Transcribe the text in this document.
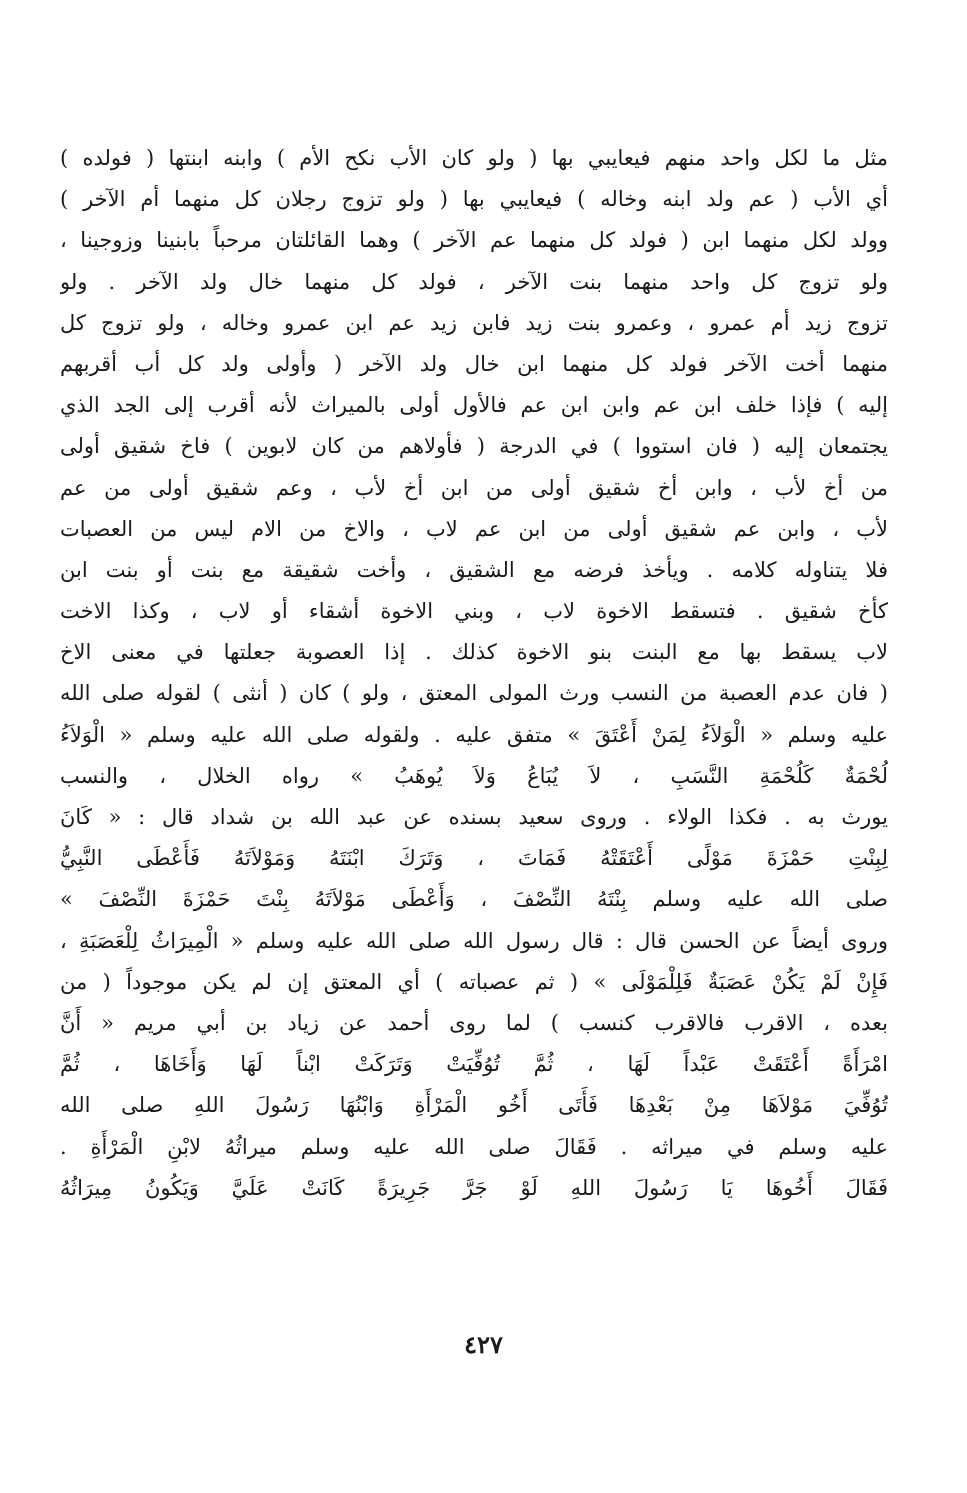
مثل ما لكل واحد منهم فيعايبي بها ( ولو كان الأب نكح الأم ) وابنه ابنتها ( فولده )
أي الأب ( عم ولد ابنه وخاله ) فيعايبي بها ( ولو تزوج رجلان كل منهما أم الآخر )
وولد لكل منهما ابن ( فولد كل منهما عم الآخر ) وهما القائلتان مرحباً بابنينا وزوجينا ،
ولو تزوج كل واحد منهما بنت الآخر ، فولد كل منهما خال ولد الآخر . ولو
تزوج زيد أم عمرو ، وعمرو بنت زيد فابن زيد عم ابن عمرو وخاله ، ولو تزوج كل
منهما أخت الآخر فولد كل منهما ابن خال ولد الآخر ( وأولى ولد كل أب أقربهم
إليه ) فإذا خلف ابن عم وابن ابن عم فالأول أولى بالميراث لأنه أقرب إلى الجد الذي
يجتمعان إليه ( فان استووا ) في الدرجة ( فأولاهم من كان لابوين ) فاخ شقيق أولى
من أخ لأب ، وابن أخ شقيق أولى من ابن أخ لأب ، وعم شقيق أولى من عم
لأب ، وابن عم شقيق أولى من ابن عم لاب ، والاخ من الام ليس من العصبات
فلا يتناوله كلامه . ويأخذ فرضه مع الشقيق ، وأخت شقيقة مع بنت أو بنت ابن
كأخ شقيق . فتسقط الاخوة لاب ، وبني الاخوة أشقاء أو لاب ، وكذا الاخت
لاب يسقط بها مع البنت بنو الاخوة كذلك . إذا العصوبة جعلتها في معنى الاخ
( فان عدم العصبة من النسب ورث المولى المعتق ، ولو ) كان ( أنثى ) لقوله صلى الله
عليه وسلم « الْوَلاَءُ لِمَنْ أَعْتَقَ » متفق عليه . ولقوله صلى الله عليه وسلم « الْوَلاَءُ
لُحْمَةٌ كَلُحْمَةِ النَّسَبِ ، لاَ يُبَاعُ وَلاَ يُوهَبُ » رواه الخلال ، والنسب
يورث به . فكذا الولاء . وروى سعيد بسنده عن عبد الله بن شداد قال : « كَانَ
لِبِنْتِ حَمْزَةَ مَوْلًى أَعْتَقَتْهُ فَمَاتَ ، وَتَرَكَ ابْنَتَهُ وَمَوْلاَتَهُ فَأَعْطَى النَّبِيُّ
صلى الله عليه وسلم بِنْتَهُ النِّصْفَ ، وَأَعْطَى مَوْلاَتَهُ بِنْتَ حَمْزَةَ النِّصْفَ »
وروى أيضاً عن الحسن قال : قال رسول الله صلى الله عليه وسلم « الْمِيرَاثُ لِلْعَصَبَةِ ،
فَإِنْ لَمْ يَكُنْ عَصَبَةٌ فَلِلْمَوْلَى » ( ثم عصباته ) أي المعتق إن لم يكن موجوداً ( من
بعده ، الاقرب فالاقرب كنسب ) لما روى أحمد عن زياد بن أبي مريم « أَنَّ
امْرَأَةً أَعْتَقَتْ عَبْداً لَهَا ، ثُمَّ تُوُفِّيَتْ وَتَرَكَتْ ابْناً لَهَا وَأَخَاهَا ، ثُمَّ
تُوُفِّيَ مَوْلاَهَا مِنْ بَعْدِهَا فَأَتَى أَخُو الْمَرْأَةِ وَابْنُهَا رَسُولَ اللهِ صلى الله
عليه وسلم في ميراثه . فَقَالَ صلى الله عليه وسلم ميراثُهُ لابْنِ الْمَرْأَةِ .
فَقَالَ أَخُوهَا يَا رَسُولَ اللهِ لَوْ جَرَّ جَرِيرَةً كَانَتْ عَلَيَّ وَيَكُونُ مِيرَاثُهُ
٤٢٧
